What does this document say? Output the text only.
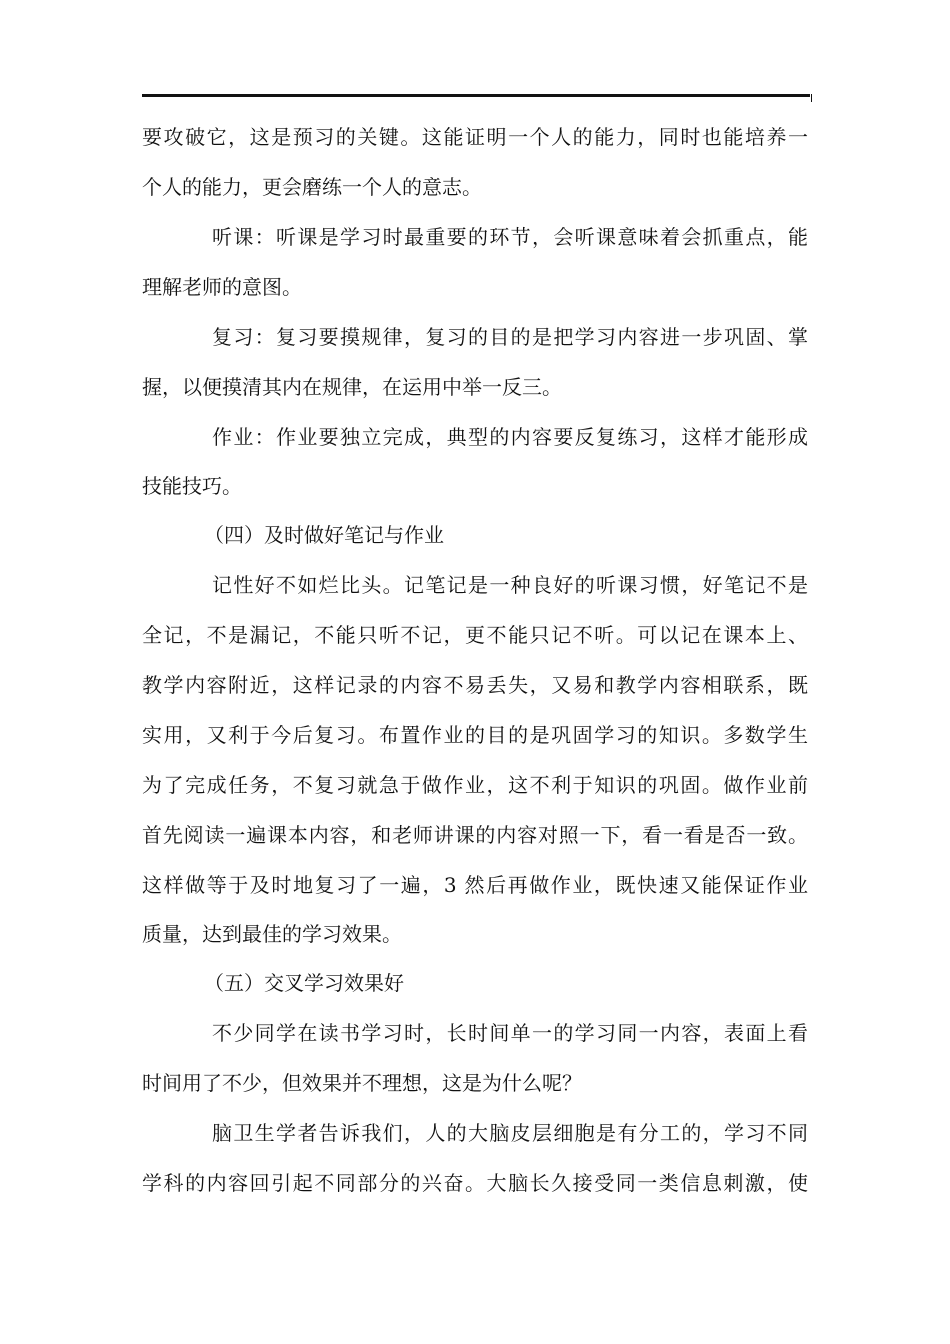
要攻破它，这是预习的关键。这能证明一个人的能力，同时也能培养一
个人的能力，更会磨练一个人的意志。
听课：听课是学习时最重要的环节，会听课意味着会抓重点，能
理解老师的意图。
复习：复习要摸规律，复习的目的是把学习内容进一步巩固、掌
握，以便摸清其内在规律，在运用中举一反三。
作业：作业要独立完成，典型的内容要反复练习，这样才能形成
技能技巧。
（四）及时做好笔记与作业
记性好不如烂比头。记笔记是一种良好的听课习惯，好笔记不是
全记，不是漏记，不能只听不记，更不能只记不听。可以记在课本上、
教学内容附近，这样记录的内容不易丢失，又易和教学内容相联系，既
实用，又利于今后复习。布置作业的目的是巩固学习的知识。多数学生
为了完成任务，不复习就急于做作业，这不利于知识的巩固。做作业前
首先阅读一遍课本内容，和老师讲课的内容对照一下，看一看是否一致。
这样做等于及时地复习了一遍，3 然后再做作业，既快速又能保证作业
质量，达到最佳的学习效果。
（五）交叉学习效果好
不少同学在读书学习时，长时间单一的学习同一内容，表面上看
时间用了不少，但效果并不理想，这是为什么呢？
脑卫生学者告诉我们，人的大脑皮层细胞是有分工的，学习不同
学科的内容回引起不同部分的兴奋。大脑长久接受同一类信息刺激，使
